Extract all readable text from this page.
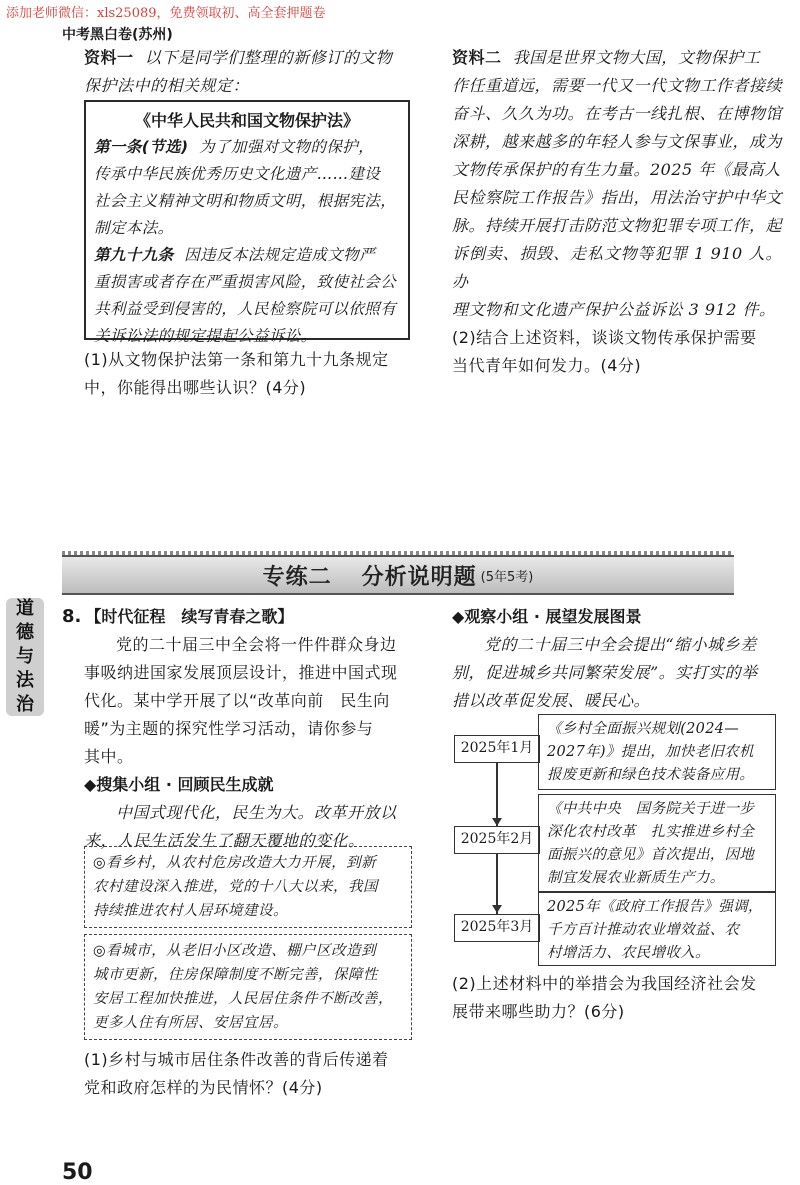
添加老师微信：xls25089，免费领取初、高全套押题卷
中考黑白卷(苏州)
资料一 以下是同学们整理的新修订的文物
保护法中的相关规定：
《中华人民共和国文物保护法》
第一条(节选) 为了加强对文物的保护，
传承中华民族优秀历史文化遗产……建设
社会主义精神文明和物质文明，根据宪法，
制定本法。
第九十九条 因违反本法规定造成文物严
重损害或者存在严重损害风险，致使社会公
共利益受到侵害的，人民检察院可以依照有
关诉讼法的规定提起公益诉讼。
(1)从文物保护法第一条和第九十九条规定
中，你能得出哪些认识？(4分)
资料二 我国是世界文物大国，文物保护工
作任重道远，需要一代又一代文物工作者接续
奋斗、久久为功。在考古一线扎根、在博物馆
深耕，越来越多的年轻人参与文保事业，成为
文物传承保护的有生力量。2025 年《最高人
民检察院工作报告》指出，用法治守护中华文
脉。持续开展打击防范文物犯罪专项工作，起
诉倒卖、损毁、走私文物等犯罪 1 910 人。办
理文物和文化遗产保护公益诉讼 3 912 件。
(2)结合上述资料，谈谈文物传承保护需要
当代青年如何发力。(4分)
专练二 分析说明题 (5年5考)
道
德
与
法
治
8. 【时代征程　续写青春之歌】
党的二十届三中全会将一件件群众身边
事吸纳进国家发展顶层设计，推进中国式现
代化。某中学开展了以“改革向前　民生向
暖”为主题的探究性学习活动，请你参与
其中。
◆搜集小组 · 回顾民生成就
中国式现代化，民生为大。改革开放以
来，人民生活发生了翻天覆地的变化。
◎看乡村，从农村危房改造大力开展，到新
农村建设深入推进，党的十八大以来，我国
持续推进农村人居环境建设。
◎看城市，从老旧小区改造、棚户区改造到
城市更新，住房保障制度不断完善，保障性
安居工程加快推进，人民居住条件不断改善，
更多人住有所居、安居宜居。
(1)乡村与城市居住条件改善的背后传递着
党和政府怎样的为民情怀？(4分)
◆观察小组 · 展望发展图景
党的二十届三中全会提出“缩小城乡差
别，促进城乡共同繁荣发展”。实打实的举
措以改革促发展、暖民心。
2025年1月
《乡村全面振兴规划(2024—
2027年)》提出，加快老旧农机
报废更新和绿色技术装备应用。
2025年2月
《中共中央　国务院关于进一步
深化农村改革　扎实推进乡村全
面振兴的意见》首次提出，因地
制宜发展农业新质生产力。
2025年3月
2025年《政府工作报告》强调，
千方百计推动农业增效益、农
村增活力、农民增收入。
(2)上述材料中的举措会为我国经济社会发
展带来哪些助力？(6分)
50
